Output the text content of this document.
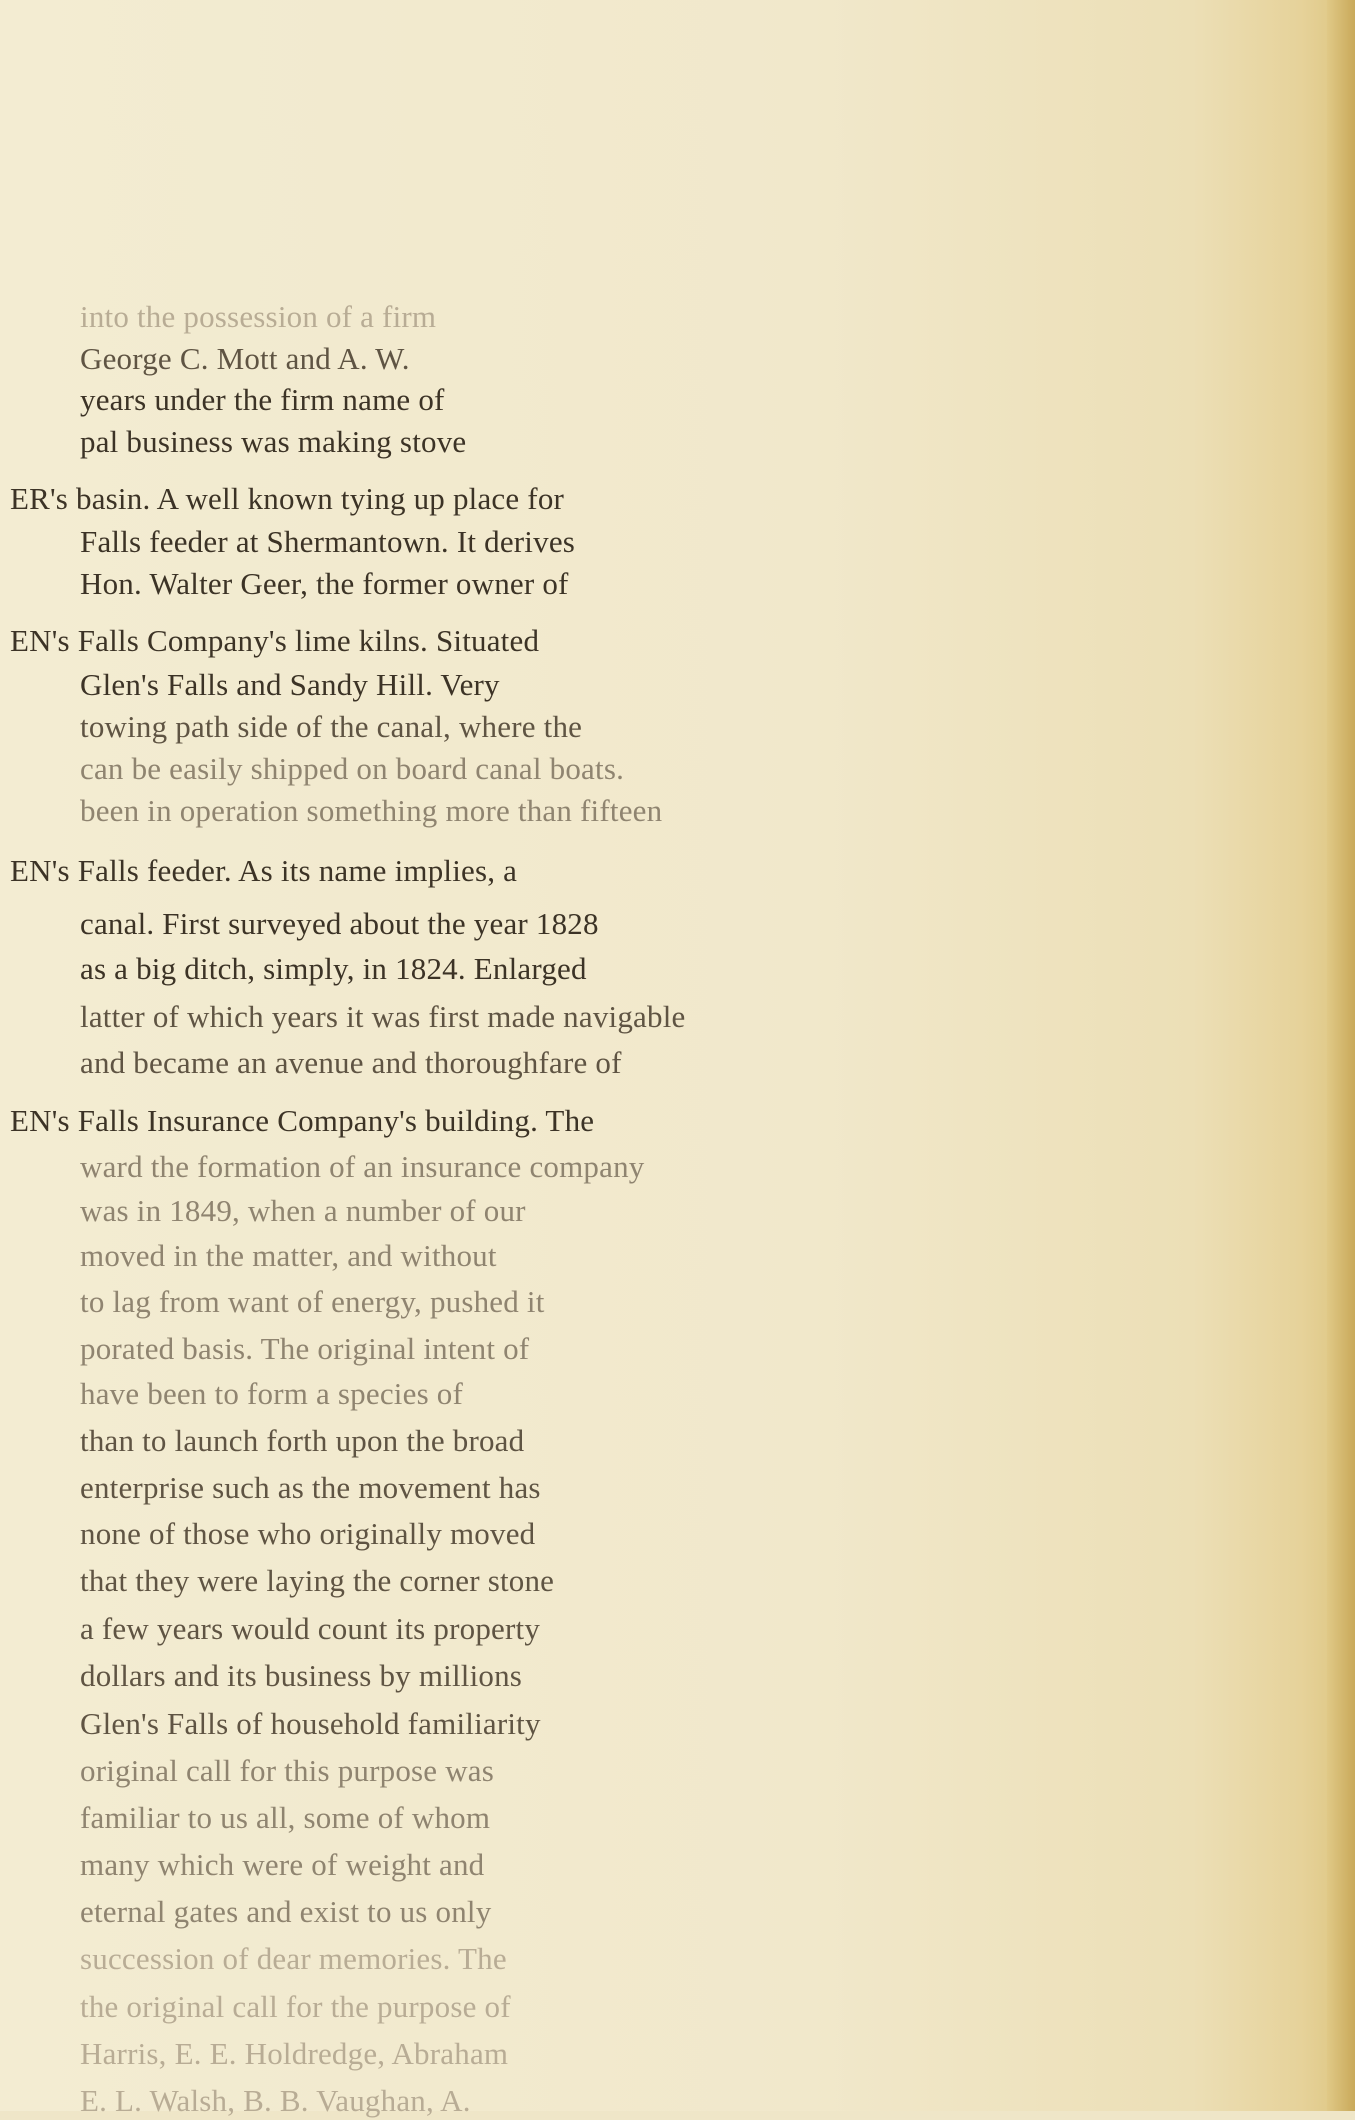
into the possession of a firm
George C. Mott and A. W.
years under the firm name of
pal business was making stove
ER's basin. A well known tying up place for
Falls feeder at Shermantown. It derives
Hon. Walter Geer, the former owner of
EN's Falls Company's lime kilns. Situated
Glen's Falls and Sandy Hill. Very
towing path side of the canal, where the
can be easily shipped on board canal boats.
been in operation something more than fifteen
EN's Falls feeder. As its name implies, a
canal. First surveyed about the year 1828
as a big ditch, simply, in 1824. Enlarged
latter of which years it was first made navigable
and became an avenue and thoroughfare of
EN's Falls Insurance Company's building. The
ward the formation of an insurance company
was in 1849, when a number of our
moved in the matter, and without
to lag from want of energy, pushed it
porated basis. The original intent of
have been to form a species of
than to launch forth upon the broad
enterprise such as the movement has
none of those who originally moved
that they were laying the corner stone
a few years would count its property
dollars and its business by millions
Glen's Falls of household familiarity
original call for this purpose was
familiar to us all, some of whom
many which were of weight and
eternal gates and exist to us only
succession of dear memories. The
the original call for the purpose of
Harris, E. E. Holdredge, Abraham
E. L. Walsh, B. B. Vaughan, A.
